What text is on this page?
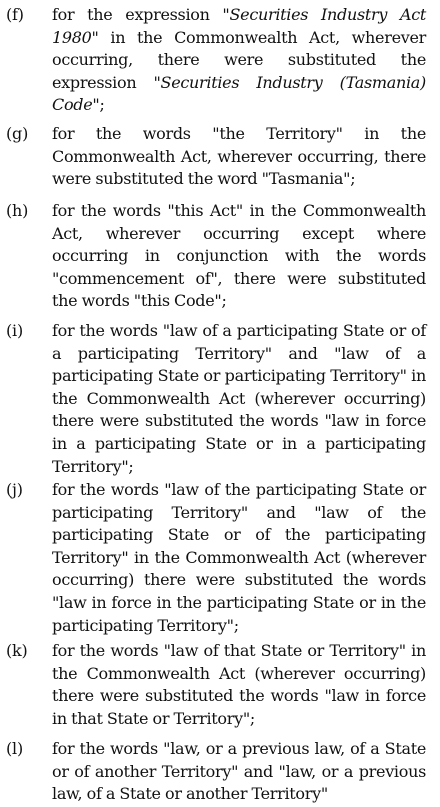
(f) for the expression "Securities Industry Act 1980" in the Commonwealth Act, wherever occurring, there were substituted the expression "Securities Industry (Tasmania) Code";

(g) for the words "the Territory" in the Commonwealth Act, wherever occurring, there were substituted the word "Tasmania";

(h) for the words "this Act" in the Commonwealth Act, wherever occurring except where occurring in conjunction with the words "commencement of", there were substituted the words "this Code";

(i) for the words "law of a participating State or of a participating Territory" and "law of a participating State or participating Territory" in the Commonwealth Act (wherever occurring) there were substituted the words "law in force in a participating State or in a participating Territory";

(j) for the words "law of the participating State or participating Territory" and "law of the participating State or of the participating Territory" in the Commonwealth Act (wherever occurring) there were substituted the words "law in force in the participating State or in the participating Territory";

(k) for the words "law of that State or Territory" in the Commonwealth Act (wherever occurring) there were substituted the words "law in force in that State or Territory";

(l) for the words "law, or a previous law, of a State or of another Territory" and "law, or a previous law, of a State or another Territory"
